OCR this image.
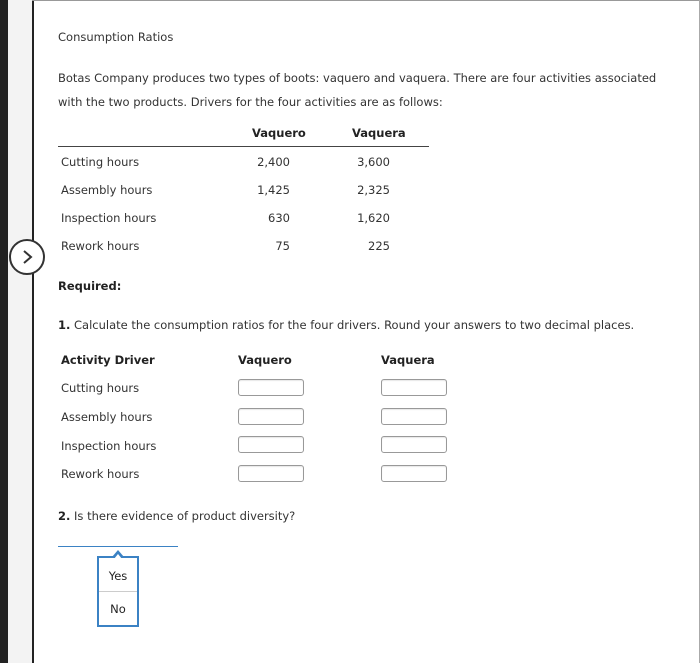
Consumption Ratios
Botas Company produces two types of boots: vaquero and vaquera. There are four activities associated with the two products. Drivers for the four activities are as follows:
Vaquero	Vaquera
Cutting hours	2,400	3,600
Assembly hours	1,425	2,325
Inspection hours	630	1,620
Rework hours	75	225
Required:
1. Calculate the consumption ratios for the four drivers. Round your answers to two decimal places.
Activity Driver	Vaquero	Vaquera
Cutting hours
Assembly hours
Inspection hours
Rework hours
2. Is there evidence of product diversity?
Yes
No
